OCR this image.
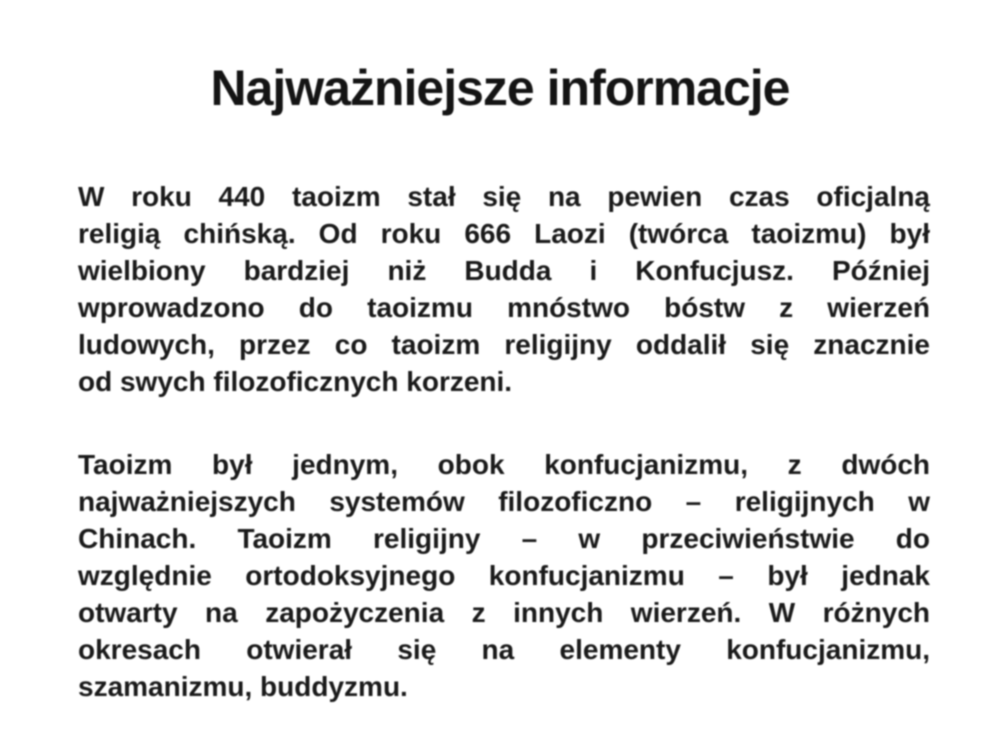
Najważniejsze informacje
W roku 440 taoizm stał się na pewien czas oficjalną
religią chińską. Od roku 666 Laozi (twórca taoizmu) był
wielbiony bardziej niż Budda i Konfucjusz. Później
wprowadzono do taoizmu mnóstwo bóstw z wierzeń
ludowych, przez co taoizm religijny oddalił się znacznie
od swych filozoficznych korzeni.
Taoizm był jednym, obok konfucjanizmu, z dwóch
najważniejszych systemów filozoficzno – religijnych w
Chinach. Taoizm religijny – w przeciwieństwie do
względnie ortodoksyjnego konfucjanizmu – był jednak
otwarty na zapożyczenia z innych wierzeń. W różnych
okresach otwierał się na elementy konfucjanizmu,
szamanizmu, buddyzmu.
